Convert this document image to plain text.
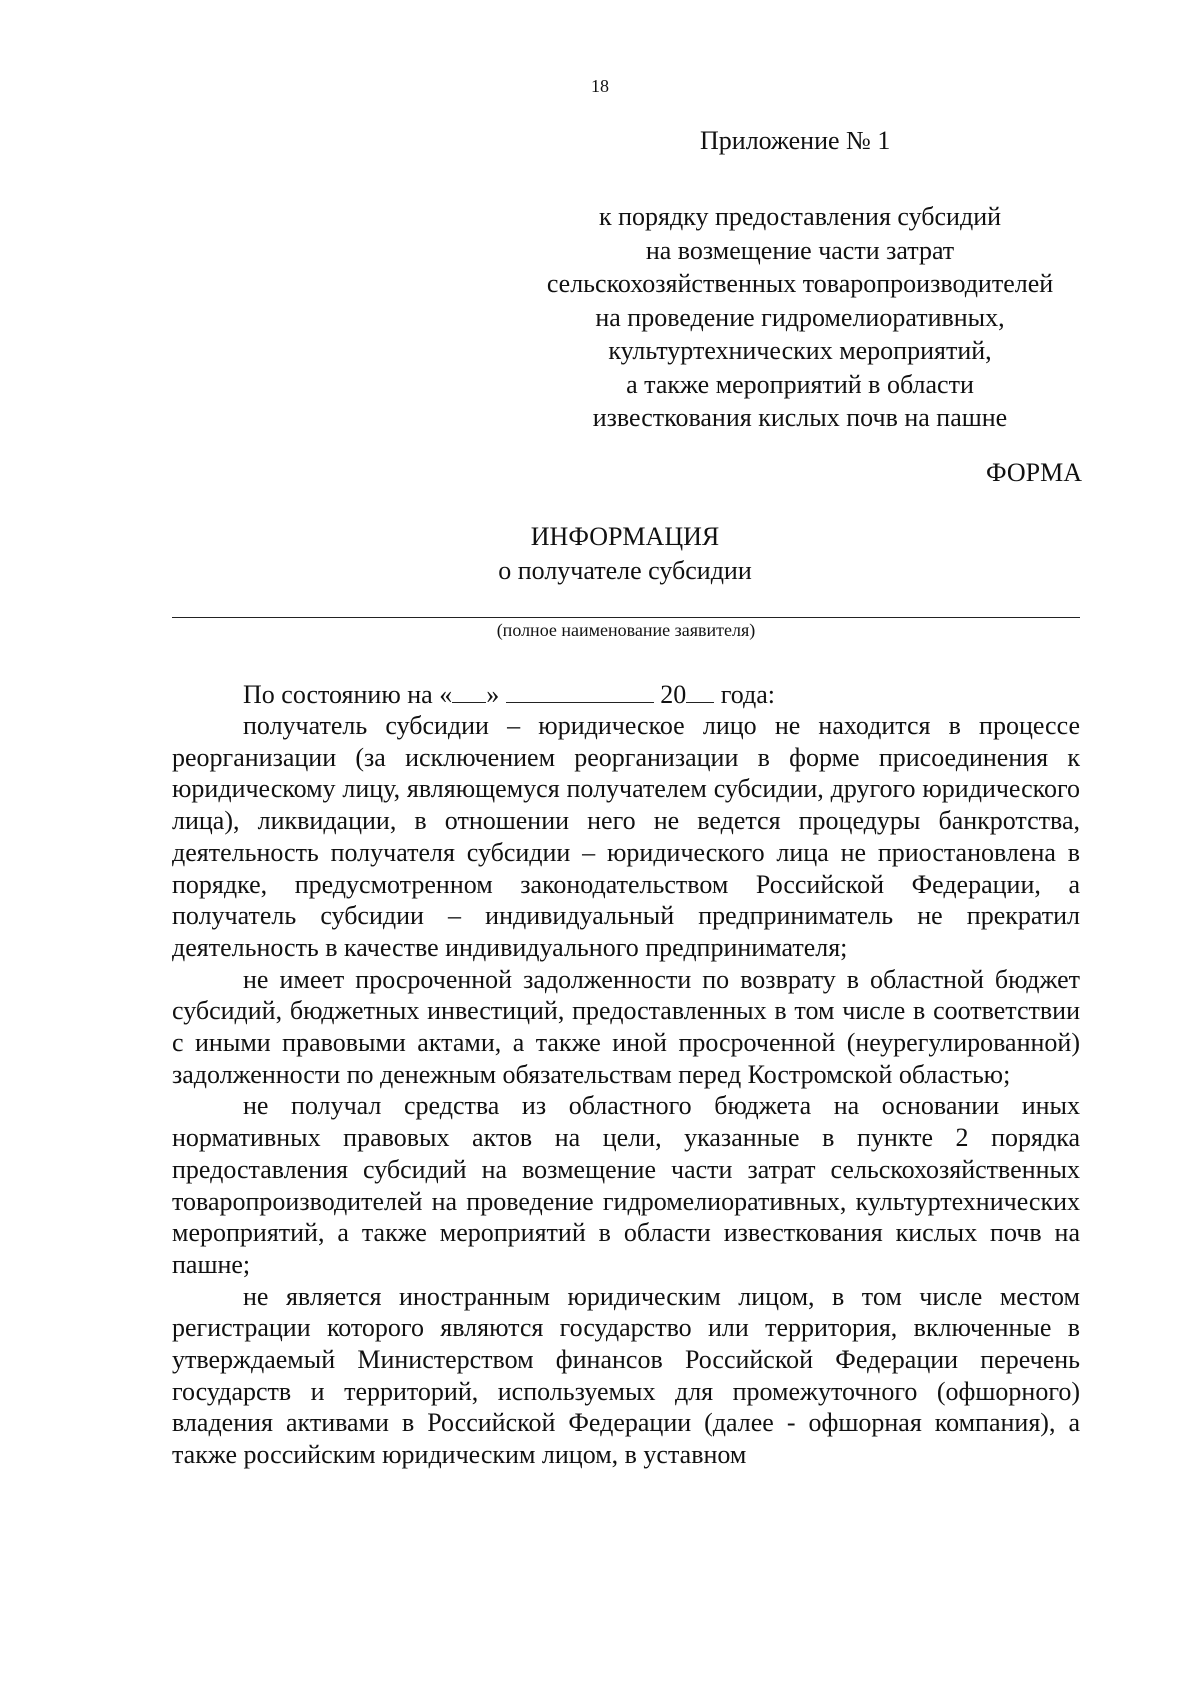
18
Приложение № 1
к порядку предоставления субсидий
на возмещение части затрат
сельскохозяйственных товаропроизводителей
на проведение гидромелиоративных,
культуртехнических мероприятий,
а также мероприятий в области
известкования кислых почв на пашне
ФОРМА
ИНФОРМАЦИЯ
о получателе субсидии
(полное наименование заявителя)
По состоянию на « »	20 года:

получатель субсидии – юридическое лицо не находится в процессе реорганизации (за исключением реорганизации в форме присоединения к юридическому лицу, являющемуся получателем субсидии, другого юридического лица), ликвидации, в отношении него не ведется процедуры банкротства, деятельность получателя субсидии – юридического лица не приостановлена в порядке, предусмотренном законодательством Российской Федерации, а получатель субсидии – индивидуальный предприниматель не прекратил деятельность в качестве индивидуального предпринимателя;

не имеет просроченной задолженности по возврату в областной бюджет субсидий, бюджетных инвестиций, предоставленных в том числе в соответствии с иными правовыми актами, а также иной просроченной (неурегулированной) задолженности по денежным обязательствам перед Костромской областью;

не получал средства из областного бюджета на основании иных нормативных правовых актов на цели, указанные в пункте 2 порядка предоставления субсидий на возмещение части затрат сельскохозяйственных товаропроизводителей на проведение гидромелиоративных, культуртехнических мероприятий, а также мероприятий в области известкования кислых почв на пашне;

не является иностранным юридическим лицом, в том числе местом регистрации которого являются государство или территория, включенные в утверждаемый Министерством финансов Российской Федерации перечень государств и территорий, используемых для промежуточного (офшорного) владения активами в Российской Федерации (далее - офшорная компания), а также российским юридическим лицом, в уставном
